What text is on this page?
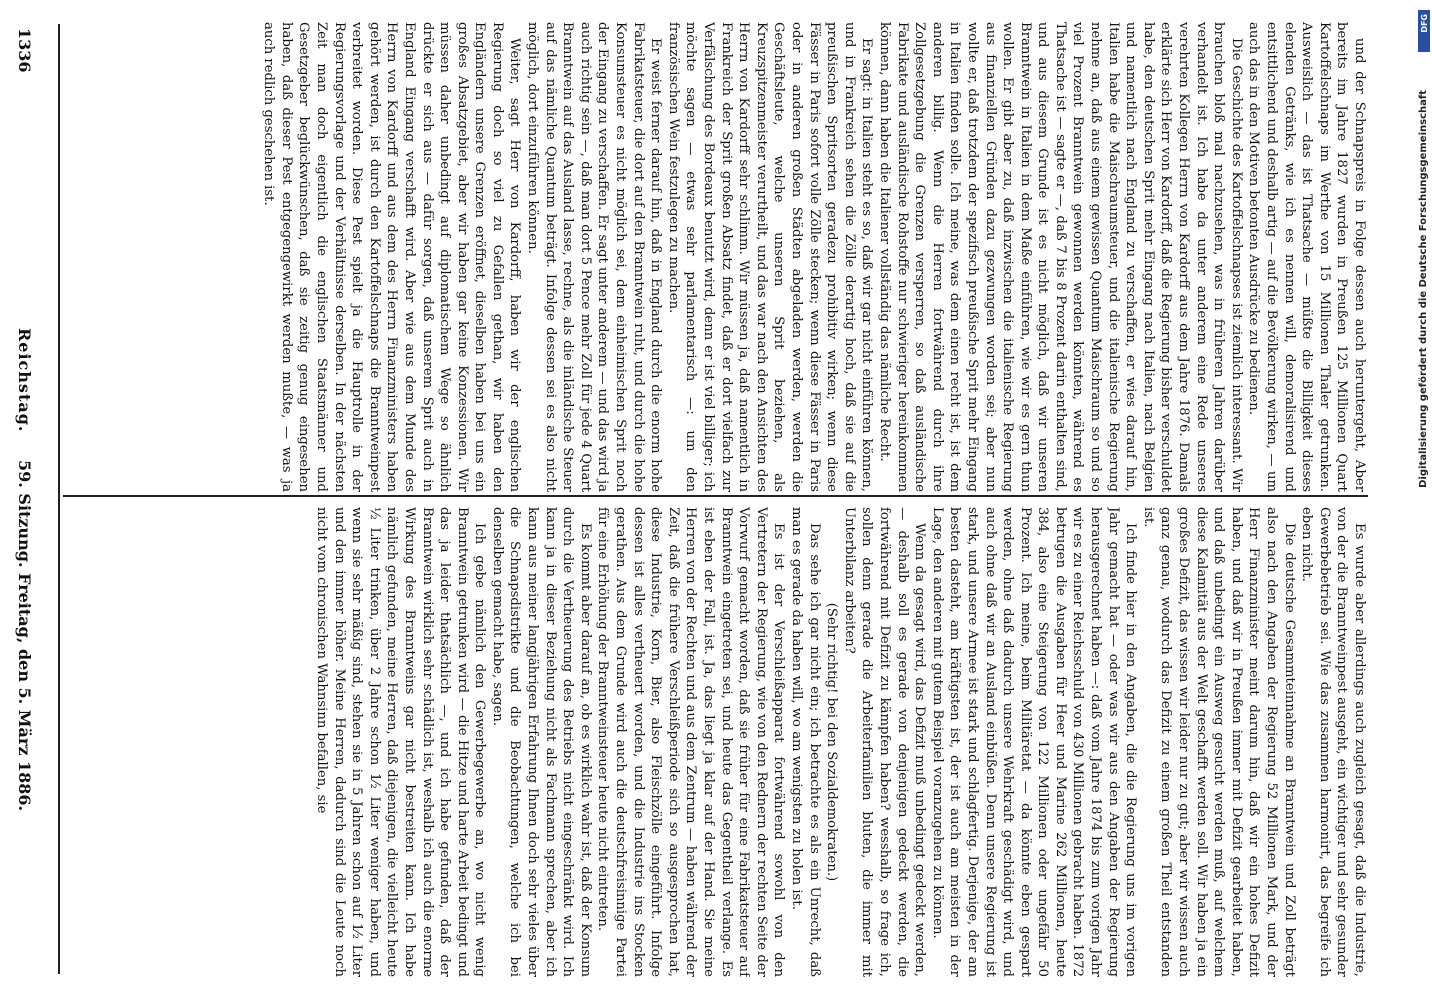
1336
Reichstag.
59. Sitzung. Freitag, den 5. März 1886.

und der Schnapspreis in Folge dessen auch heruntergeht, Aber bereits im Jahre 1827 wurden in Preußen 125 Millionen Quart Kartoffelschnaps im Werthe von 15 Millionen Thaler getrunken. Ausweislich — das ist Thatsache — müßte die Billigkeit dieses elenden Getränks, wie ich es nennen will, demoralisirend und entsittlichend und deshalb artig — auf die Bevölkerung wirken, — um auch das in den Motiven betonten Ausdrücke zu bedienen.

Die Geschichte des Kartoffelschnapses ist ziemlich interessant. Wir brauchen bloß mal nachzusehen, was in früheren Jahren darüber verhandelt ist. Ich habe da unter anderem eine Rede unseres verehrten Kollegen Herrn von Kardorff aus dem Jahre 1876. Damals erklärte sich Herr von Kardorff, daß die Regierung bisher verschuldet habe, den deutschen Sprit mehr Eingang nach Italien, nach Belgien und namentlich nach England zu verschaffen, er wies darauf hin, Italien habe die Maischraumsteuer, und die italienische Regierung nehme an, daß aus einem gewissen Quantum Maischraum so und so viel Prozent Branntwein gewonnen werden könnten, während es Thatsache ist — sagte er —, daß 7 bis 8 Prozent darin enthalten sind, und aus diesem Grunde ist es nicht möglich, daß wir unseren Branntwein in Italien in dem Maße einführen, wie wir es gern thun wollen. Er gibt aber zu, daß inzwischen die italienische Regierung aus finanziellen Gründen dazu gezwungen worden sei; aber nun wollte er, daß trotzdem der spezifisch preußische Sprit mehr Eingang in Italien finden solle. Ich meine, was dem einen recht ist, ist dem anderen billig. Wenn die Herren fortwährend durch ihre Zollgesetzgebung die Grenzen versperren, so daß ausländische Fabrikate und ausländische Rohstoffe nur schwieriger hereinkommen können, dann haben die Italiener vollständig das nämliche Recht.

Er sagt: in Italien steht es so, daß wir gar nicht einführen können, und in Frankreich sehen die Zölle derartig hoch, daß sie auf die preußischen Spritsorten geradezu prohibitiv wirken; wenn diese Fässer in Paris sofort volle Zölle stecken; wenn diese Fässer in Paris oder in anderen großen Städten abgeladen werden, werden die Geschäftsleute, welche unseren Sprit beziehen, als Kreuzspitzenmeister verurtheilt, und das war nach den Ansichten des Herrn von Kardorff sehr schlimm. Wir müssen ja, daß namentlich in Frankreich der Sprit großen Absatz findet, daß er dort vielfach zur Verfälschung des Bordeaux benutzt wird, denn er ist viel billiger; ich möchte sagen — etwas sehr parlamentarisch —: um den französischen Wein festzulegen zu machen.

Er weist ferner darauf hin, daß in England durch die enorm hohe Fabrikatsteuer, die dort auf den Branntwein ruht, und durch die hohe Konsumsteuer es nicht möglich sei, dem einheimischen Sprit noch der Eingang zu verschaffen. Er sagt unter anderem — und das wird ja auch richtig sein —, daß man dort 5 Pence mehr Zoll für jede 4 Quart Branntwein auf das Ausland lasse, rechne, als die inländische Steuer auf das nämliche Quantum beträgt. Infolge dessen sei es also nicht möglich, dort einzuführen können.

Weiter, sagt Herr von Kardorff, haben wir der englischen Regierung doch so viel zu Gefallen gethan, wir haben den Engländern unsere Grenzen eröffnet, dieselben haben bei uns ein großes Absatzgebiet, aber wir haben gar keine Konzessionen. Wir müssen daher unbedingt auf diplomatischem Wege so ähnlich drückte er sich aus — dafür sorgen, daß unserem Sprit auch in England Eingang verschafft wird. Aber wie aus dem Munde des Herrn von Kardorff und aus dem des Herrn Finanzministers haben gehört werden, ist durch den Kartoffelschnaps die Branntweinpest verbreitet worden. Diese Pest spielt ja die Hauptrolle in der Regierungsvorlage und der Verhältnisse derselben. In der nächsten Zeit man doch eigentlich die englischen Staatsmänner und Gesetzgeber beglückwünschen, daß sie zeitig genug eingesehen haben, daß dieser Pest entgegengewirkt werden mußte, — was ja auch redlich geschehen ist.

Es wurde aber allerdings auch zugleich gesagt, daß die Industrie, von der die Branntweinpest ausgeht, ein wichtiger und sehr gesunder Gewerbebetrieb sei. Wie das zusammen harmonirt, das begreife ich eben nicht.

Die deutsche Gesammteinnahme an Branntwein und Zoll beträgt also nach den Angaben der Regierung 52 Millionen Mark, und der Herr Finanzminister meint darum hin, daß wir ein hohes Defizit haben, und daß wir in Preußen immer mit Defizit gearbeitet haben, und daß unbedingt ein Ausweg gesucht werden muß, auf welchem diese Kalamität aus der Welt geschafft werden soll. Wir haben ja ein großes Defizit, das wissen wir leider nur zu gut; aber wir wissen auch ganz genau, wodurch das Defizit zu einem großen Theil entstanden ist.

Ich finde hier in den Angaben, die die Regierung uns im vorigen Jahr gemacht hat — oder was wir aus den Angaben der Regierung herausgerechnet haben —: daß vom Jahre 1874 bis zum vorigen Jahr wir es zu einer Reichsschuld von 430 Millionen gebracht haben. 1872 betrugen die Ausgaben für Heer und Marine 262 Millionen, heute 384, also eine Steigerung von 122 Millionen oder ungefähr 50 Prozent. Ich meine, beim Militäretat — da könnte eben gespart werden, ohne daß dadurch unsere Wehrkraft geschädigt wird, und auch ohne daß wir an Ausland einbüßen. Denn unsere Regierung ist stark, und unsere Armee ist stark und schlagfertig. Derjenige, der am besten dasteht, am kräftigsten ist, der ist auch am meisten in der Lage, den anderen mit gutem Beispiel voranzugehen zu können.

Wenn da gesagt wird, das Defizit muß unbedingt gedeckt werden, — deshalb soll es gerade von denjenigen gedeckt werden, die fortwährend mit Defizit zu kämpfen haben? wesshalb, so frage ich, sollen denn gerade die Arbeiterfamilien bluten, die immer mit Unterbilanz arbeiten?

(Sehr richtig! bei den Sozialdemokraten.)

Das sehe ich gar nicht ein; ich betrachte es als ein Unrecht, daß man es gerade da haben will, wo am wenigsten zu holen ist.

Es ist der Verschleißapparat fortwährend sowohl von den Vertretern der Regierung, wie von den Rednern der rechten Seite der Vorwurf gemacht worden, daß sie früher für eine Fabrikatsteuer auf Branntwein eingetreten sei, und heute das Gegentheil verlange. Es ist eben der Fall, ist. Ja, das liegt ja klar auf der Hand. Sie meine Herren von der Rechten und aus dem Zentrum — haben während der Zeit, daß die frühere Verschleißperiode sich so ausgesprochen hat, diese Industrie, Korn, Bier, also Fleischzölle eingeführt. Infolge dessen ist alles vertheuert worden, und die Industrie ins Stocken gerathen. Aus dem Grunde wird auch die deutschfreisinnige Partei für eine Erhöhung der Branntweinsteuer heute nicht eintreten.

Es kommt aber darauf an, ob es wirklich wahr ist, daß der Konsum durch die Vertheuerung des Betriebs nicht eingeschränkt wird. Ich kann ja in dieser Beziehung nicht als Fachmann sprechen, aber ich kann aus meiner langjährigen Erfahrung Ihnen doch sehr vieles über die Schnapsdistrikte und die Beobachtungen, welche ich bei denselben gemacht habe, sagen.

Ich gebe nämlich den Gewerbegewerbe an, wo nicht wenig Branntwein getrunken wird — die Hitze und harte Arbeit bedingt und das ja leider thatsächlich —, und ich habe gefunden, daß der Branntwein wirklich sehr schädlich ist, weshalb ich auch die enorme Wirkung des Branntweins gar nicht bestreiten kann. Ich habe nämlich gefunden, meine Herren, daß diejenigen, die vielleicht heute ½ Liter trinken, über 2 Jahre schon 1⁄₂ Liter weniger haben, und wenn sie sehr mäßig sind, stehen sie in 5 Jahren schon auf 1⁄₂ Liter und den immer höher. Meine Herren, dadurch sind die Leute noch nicht vom chronischen Wahnsinn befallen, sie

DFG
Digitalisierung gefördert durch die Deutsche Forschungsgemeinschaft
